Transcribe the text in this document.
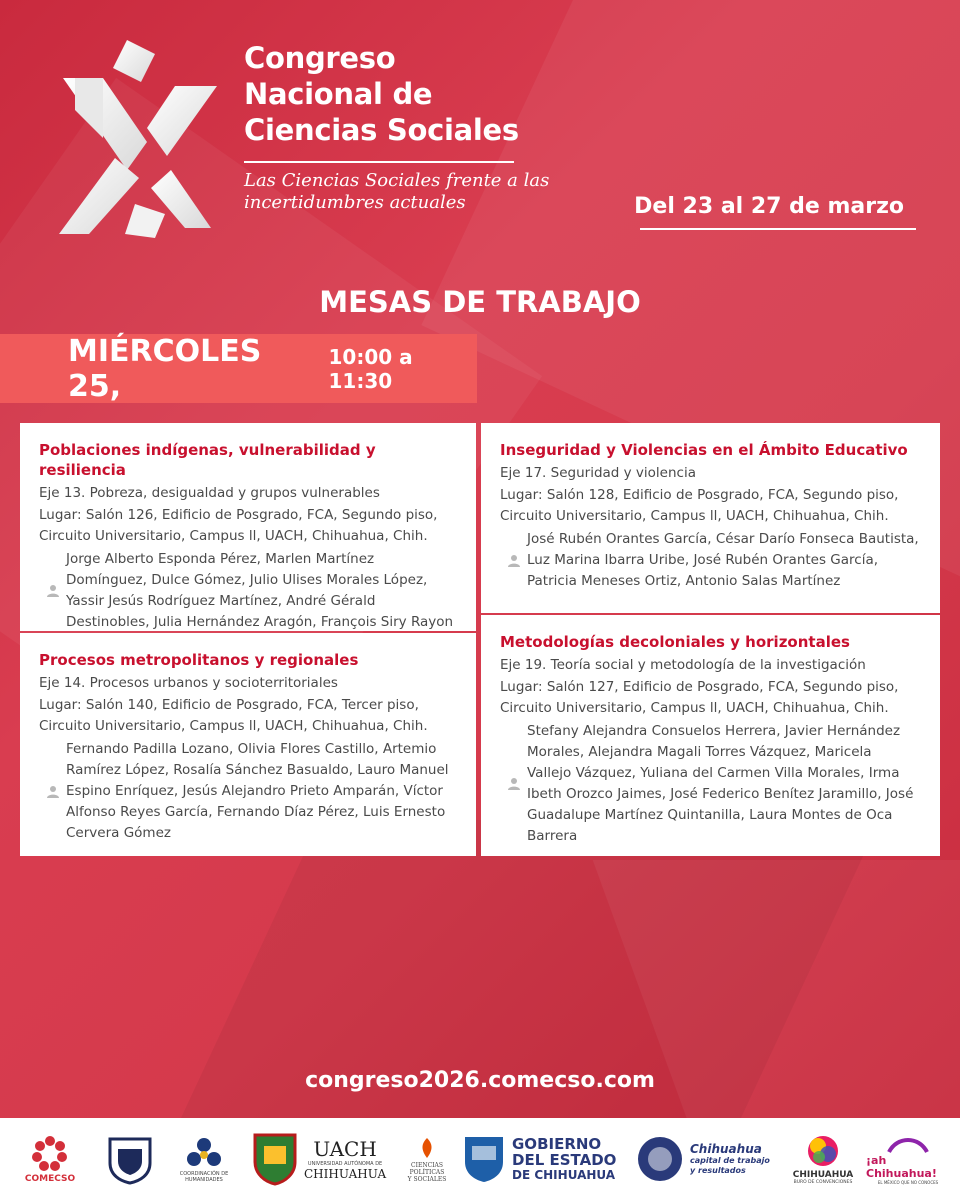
Congreso
Nacional de
Ciencias Sociales
Las Ciencias Sociales frente a las
incertidumbres actuales	Del 23 al 27 de marzo
MESAS DE TRABAJO
MIÉRCOLES 25,
10:00 a 11:30
Poblaciones indígenas, vulnerabilidad y resiliencia
Eje 13. Pobreza, desigualdad y grupos vulnerables
Lugar: Salón 126, Edificio de Posgrado, FCA, Segundo piso,
Circuito Universitario, Campus ll, UACH, Chihuahua, Chih.
Jorge Alberto Esponda Pérez, Marlen Martínez
Domínguez, Dulce Gómez, Julio Ulises Morales López,
Yassir Jesús Rodríguez Martínez, André Gérald
Destinobles, Julia Hernández Aragón, François Siry Rayon
Procesos metropolitanos y regionales
Eje 14. Procesos urbanos y socioterritoriales
Lugar: Salón 140, Edificio de Posgrado, FCA, Tercer piso,
Circuito Universitario, Campus ll, UACH, Chihuahua, Chih.
Fernando Padilla Lozano, Olivia Flores Castillo, Artemio
Ramírez López, Rosalía Sánchez Basualdo, Lauro Manuel
Espino Enríquez, Jesús Alejandro Prieto Amparán, Víctor
Alfonso Reyes García, Fernando Díaz Pérez, Luis Ernesto
Cervera Gómez
Inseguridad y Violencias en el Ámbito Educativo
Eje 17. Seguridad y violencia
Lugar: Salón 128, Edificio de Posgrado, FCA, Segundo piso,
Circuito Universitario, Campus ll, UACH, Chihuahua, Chih.
José Rubén Orantes García, César Darío Fonseca Bautista,
Luz Marina Ibarra Uribe, José Rubén Orantes García,
Patricia Meneses Ortiz, Antonio Salas Martínez
Metodologías decoloniales y horizontales
Eje 19. Teoría social y metodología de la investigación
Lugar: Salón 127, Edificio de Posgrado, FCA, Segundo piso,
Circuito Universitario, Campus ll, UACH, Chihuahua, Chih.
Stefany Alejandra Consuelos Herrera, Javier Hernández
Morales, Alejandra Magali Torres Vázquez, Maricela
Vallejo Vázquez, Yuliana del Carmen Villa Morales, Irma
Ibeth Orozco Jaimes, José Federico Benítez Jaramillo, José
Guadalupe Martínez Quintanilla, Laura Montes de Oca
Barrera
congreso2026.comecso.com
COMECSO	COORDINACIÓN DE HUMANIDADES
UACH
UNIVERSIDAD AUTÓNOMA DE
CHIHUAHUA
CIENCIAS
POLÍTICAS
Y SOCIALES
GOBIERNO
DEL ESTADO
DE CHIHUAHUA
Chihuahua
capital de trabajo
y resultados	CHIHUAHUA
BURÓ DE CONVENCIONES
¡ah Chihuahua!
EL MÉXICO QUE NO CONOCES
